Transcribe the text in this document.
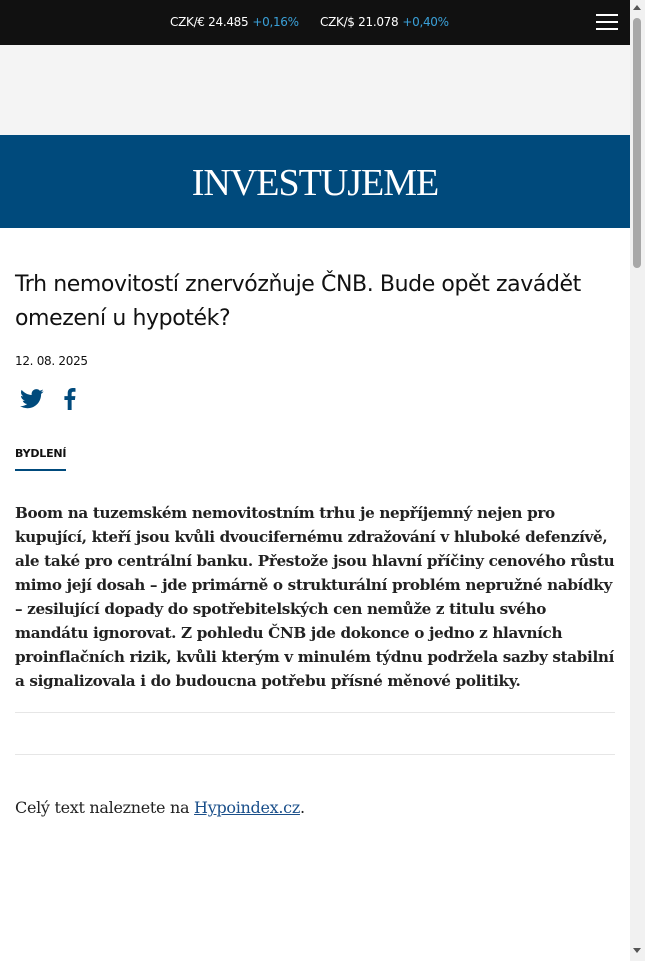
CZK/€ 24.485 +0,16% CZK/$ 21.078 +0,40%
INVESTUJEME
Trh nemovitostí znervózňuje ČNB. Bude opět zavádět omezení u hypoték?
12. 08. 2025
BYDLENÍ

Boom na tuzemském nemovitostním trhu je nepříjemný nejen pro kupující, kteří jsou kvůli dvoucifernému zdražování v hluboké defenzívě, ale také pro centrální banku. Přestože jsou hlavní příčiny cenového růstu mimo její dosah – jde primárně o strukturální problém nepružné nabídky – zesilující dopady do spotřebitelských cen nemůže z titulu svého mandátu ignorovat. Z pohledu ČNB jde dokonce o jedno z hlavních proinflačních rizik, kvůli kterým v minulém týdnu podržela sazby stabilní a signalizovala i do budoucna potřebu přísné měnové politiky.

Celý text naleznete na Hypoindex.cz.
